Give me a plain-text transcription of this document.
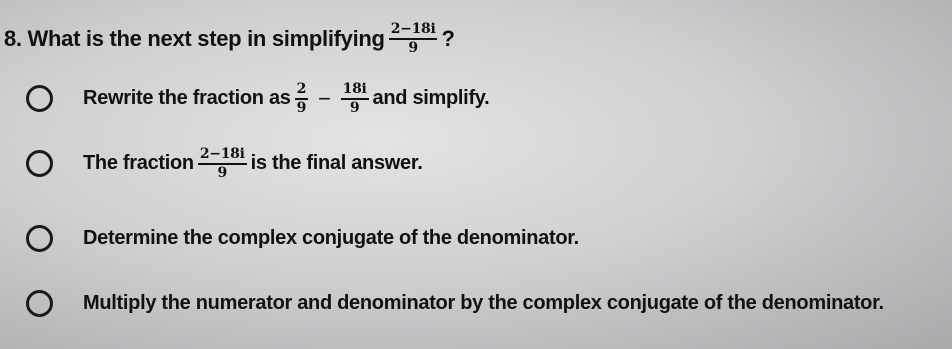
8. What is the next step in simplifying $\frac{2-18i}{9}$ ?
Rewrite the fraction as $\frac{2}{9} - \frac{18i}{9}$ and simplify.
The fraction $\frac{2-18i}{9}$ is the final answer.
Determine the complex conjugate of the denominator.
Multiply the numerator and denominator by the complex conjugate of the denominator.
